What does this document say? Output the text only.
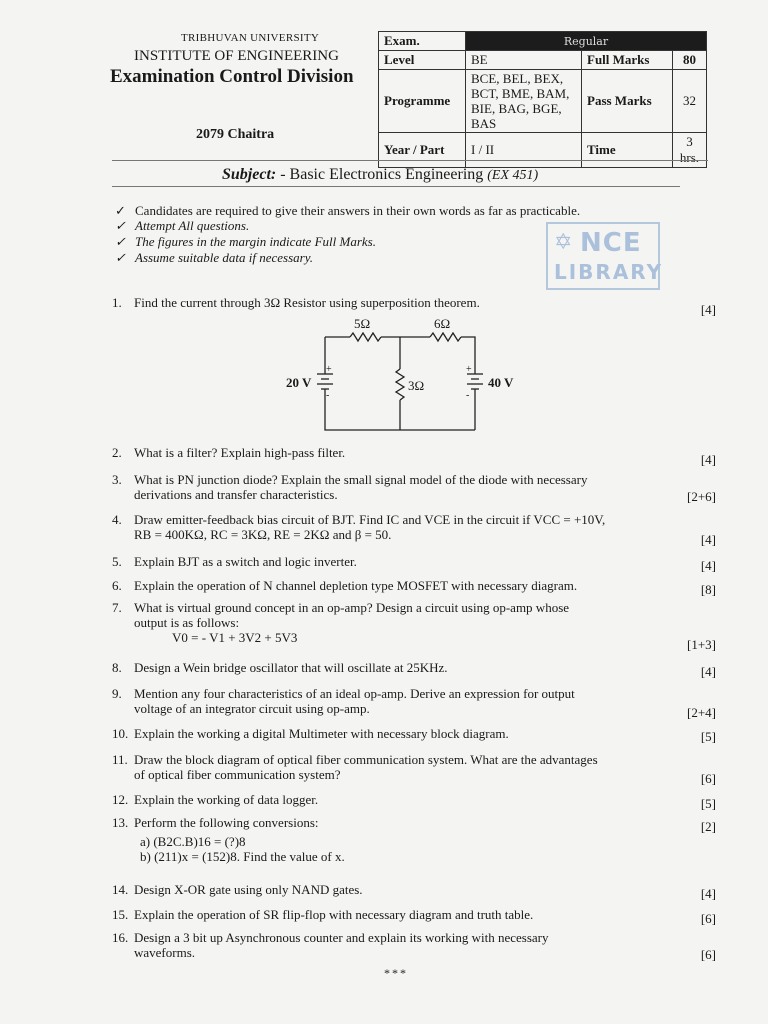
TRIBHUVAN UNIVERSITY
INSTITUTE OF ENGINEERING
Examination Control Division
2079 Chaitra
Exam.	Regular		
Level	BE	Full Marks	80
Programme	BCE, BEL, BEX,
BCT, BME, BAM,
BIE, BAG, BGE,
BAS	Pass Marks	32
Year / Part	I / II	Time	3 hrs.
Subject: - Basic Electronics Engineering (EX 451)
✓ Candidates are required to give their answers in their own words as far as practicable.
✓ Attempt All questions.
✓ The figures in the margin indicate Full Marks.
✓ Assume suitable data if necessary.
✡ NCE
LIBRARY
5Ω	6Ω
3Ω
20 V	40 V
+
-
+
-
1. Find the current through 3Ω Resistor using superposition theorem.	[4]
2. What is a filter? Explain high-pass filter.	[4]
3. What is PN junction diode? Explain the small signal model of the diode with necessary
derivations and transfer characteristics.	[2+6]
4. Draw emitter-feedback bias circuit of BJT. Find IC and VCE in the circuit if VCC = +10V,
RB = 400KΩ, RC = 3KΩ, RE = 2KΩ and β = 50.	[4]
5. Explain BJT as a switch and logic inverter.	[4]
6. Explain the operation of N channel depletion type MOSFET with necessary diagram.	[8]
7. What is virtual ground concept in an op-amp? Design a circuit using op-amp whose
output is as follows:
V0 = - V1 + 3V2 + 5V3	[1+3]
8. Design a Wein bridge oscillator that will oscillate at 25KHz.	[4]
9. Mention any four characteristics of an ideal op-amp. Derive an expression for output
voltage of an integrator circuit using op-amp.	[2+4]
10. Explain the working a digital Multimeter with necessary block diagram.	[5]
11. Draw the block diagram of optical fiber communication system. What are the advantages
of optical fiber communication system?	[6]
12. Explain the working of data logger.	[5]
13. Perform the following conversions:
a) (B2C.B)16 = (?)8
b) (211)x = (152)8. Find the value of x.
[2]
14. Design X-OR gate using only NAND gates.	[4]
15. Explain the operation of SR flip-flop with necessary diagram and truth table.	[6]
16. Design a 3 bit up Asynchronous counter and explain its working with necessary
waveforms.	[6]
***
